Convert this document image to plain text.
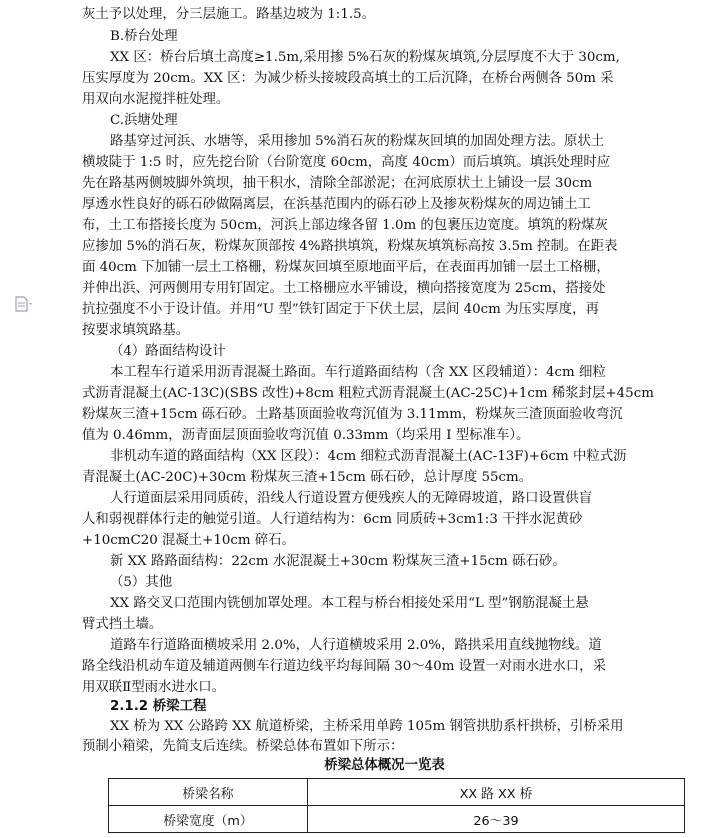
灰土予以处理，分三层施工。路基边坡为 1:1.5。
B.桥台处理
XX 区：桥台后填土高度≥1.5m,采用掺 5%石灰的粉煤灰填筑,分层厚度不大于 30cm,
压实厚度为 20cm。XX 区：为减少桥头接坡段高填土的工后沉降，在桥台两侧各 50m 采
用双向水泥搅拌桩处理。
C.浜塘处理
路基穿过河浜、水塘等，采用掺加 5%消石灰的粉煤灰回填的加固处理方法。原状土
横坡陡于 1:5 时，应先挖台阶（台阶宽度 60cm，高度 40cm）而后填筑。填浜处理时应
先在路基两侧坡脚外筑坝，抽干积水，清除全部淤泥；在河底原状土上铺设一层 30cm
厚透水性良好的砾石砂做隔离层，在浜基范围内的砾石砂上及掺灰粉煤灰的周边铺土工
布，土工布搭接长度为 50cm，河浜上部边缘各留 1.0m 的包裹压边宽度。填筑的粉煤灰
应掺加 5%的消石灰，粉煤灰顶部按 4%路拱填筑，粉煤灰填筑标高按 3.5m 控制。在距表
面 40cm 下加铺一层土工格栅，粉煤灰回填至原地面平后，在表面再加铺一层土工格栅，
并伸出浜、河两侧用专用钉固定。土工格栅应水平铺设，横向搭接宽度为 25cm，搭接处
抗拉强度不小于设计值。并用“U 型”铁钉固定于下伏土层，层间 40cm 为压实厚度，再
按要求填筑路基。
（4）路面结构设计
本工程车行道采用沥青混凝土路面。车行道路面结构（含 XX 区段辅道）：4cm 细粒
式沥青混凝土(AC-13C)(SBS 改性)+8cm 粗粒式沥青混凝土(AC-25C)+1cm 稀浆封层+45cm
粉煤灰三渣+15cm 砾石砂。土路基顶面验收弯沉值为 3.11mm，粉煤灰三渣顶面验收弯沉
值为 0.46mm，沥青面层顶面验收弯沉值 0.33mm（均采用 I 型标准车）。
非机动车道的路面结构（XX 区段）：4cm 细粒式沥青混凝土(AC-13F)+6cm 中粒式沥
青混凝土(AC-20C)+30cm 粉煤灰三渣+15cm 砾石砂，总计厚度 55cm。
人行道面层采用同质砖，沿线人行道设置方便残疾人的无障碍坡道，路口设置供盲
人和弱视群体行走的触觉引道。人行道结构为：6cm 同质砖+3cm1:3 干拌水泥黄砂
+10cmC20 混凝土+10cm 碎石。
新 XX 路路面结构：22cm 水泥混凝土+30cm 粉煤灰三渣+15cm 砾石砂。
（5）其他
XX 路交叉口范围内铣刨加罩处理。本工程与桥台相接处采用“L 型”钢筋混凝土悬
臂式挡土墙。
道路车行道路面横坡采用 2.0%，人行道横坡采用 2.0%，路拱采用直线抛物线。道
路全线沿机动车道及辅道两侧车行道边线平均每间隔 30～40m 设置一对雨水进水口，采
用双联Ⅱ型雨水进水口。
2.1.2 桥梁工程
XX 桥为 XX 公路跨 XX 航道桥梁，主桥采用单跨 105m 钢管拱肋系杆拱桥，引桥采用
预制小箱梁，先简支后连续。桥梁总体布置如下所示：
桥梁总体概况一览表
桥梁名称	XX 路 XX 桥
桥梁宽度（m）	26～39
